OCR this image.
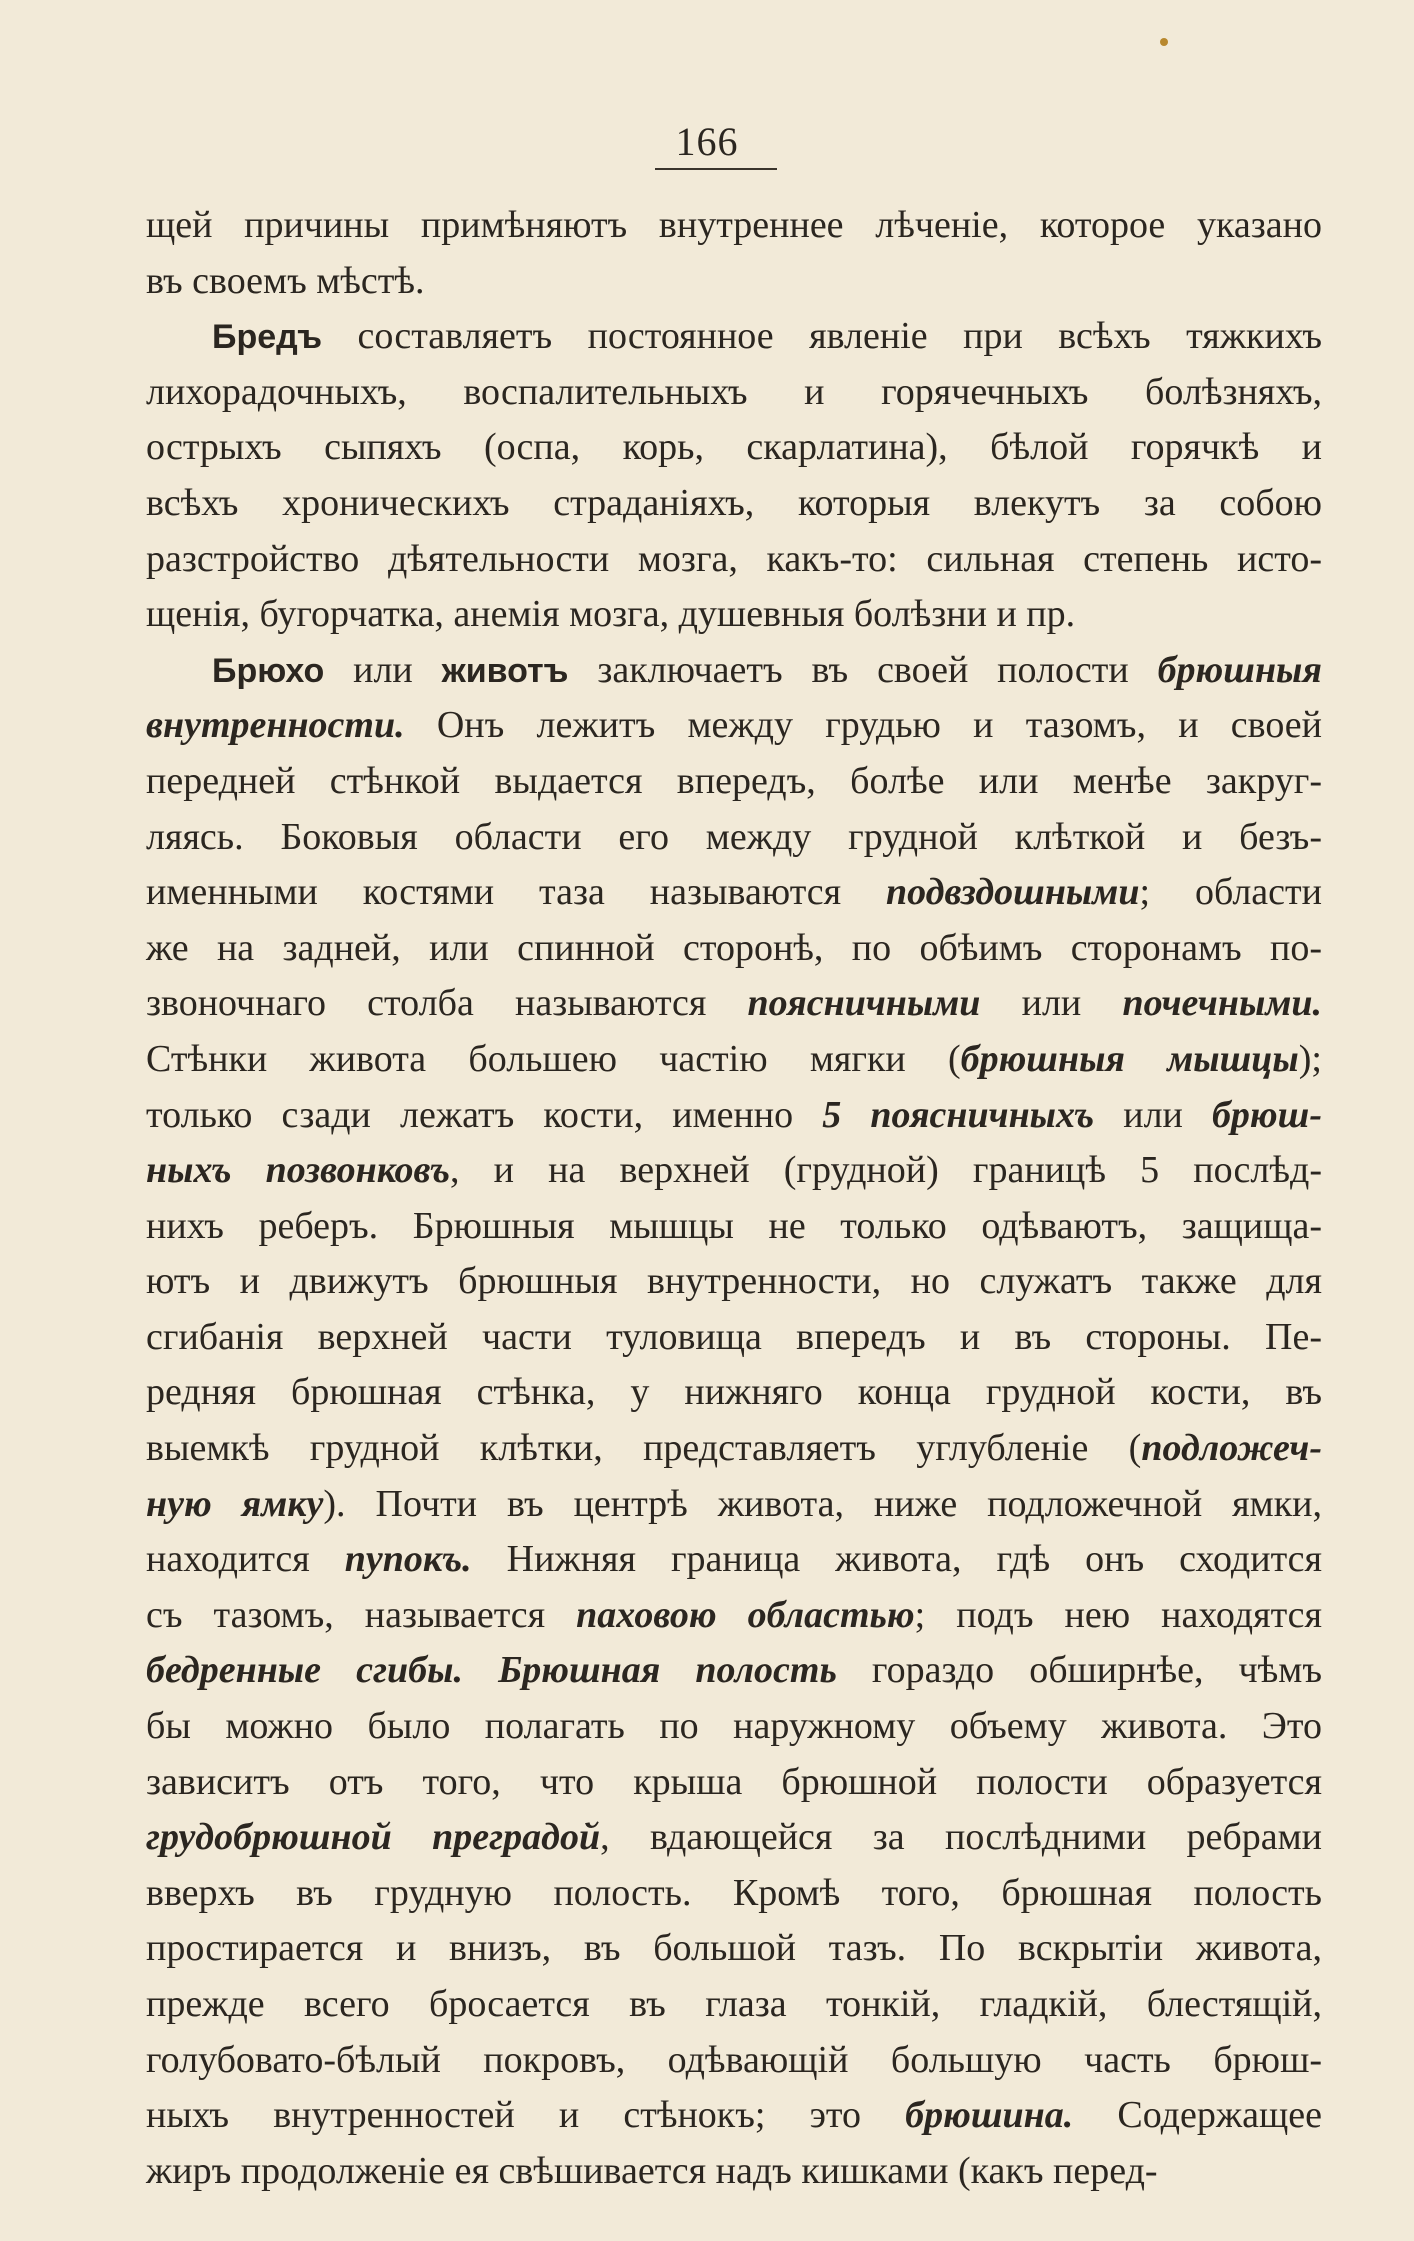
166
щей причины примѣняютъ внутреннее лѣченіе, которое указано
въ своемъ мѣстѣ.
Бредъ составляетъ постоянное явленіе при всѣхъ тяжкихъ
лихорадочныхъ, воспалительныхъ и горячечныхъ болѣзняхъ,
острыхъ сыпяхъ (оспа, корь, скарлатина), бѣлой горячкѣ и
всѣхъ хроническихъ страданіяхъ, которыя влекутъ за собою
разстройство дѣятельности мозга, какъ-то: сильная степень исто-
щенія, бугорчатка, анемія мозга, душевныя болѣзни и пр.
Брюхо или животъ заключаетъ въ своей полости брюшныя
внутренности. Онъ лежитъ между грудью и тазомъ, и своей
передней стѣнкой выдается впередъ, болѣе или менѣе закруг-
ляясь. Боковыя области его между грудной клѣткой и безъ-
именными костями таза называются подвздошными; области
же на задней, или спинной сторонѣ, по обѣимъ сторонамъ по-
звоночнаго столба называются поясничными или почечными.
Стѣнки живота большею частію мягки (брюшныя мышцы);
только сзади лежатъ кости, именно 5 поясничныхъ или брюш-
ныхъ позвонковъ, и на верхней (грудной) границѣ 5 послѣд-
нихъ реберъ. Брюшныя мышцы не только одѣваютъ, защища-
ютъ и движутъ брюшныя внутренности, но служатъ также для
сгибанія верхней части туловища впередъ и въ стороны. Пе-
редняя брюшная стѣнка, у нижняго конца грудной кости, въ
выемкѣ грудной клѣтки, представляетъ углубленіе (подложеч-
ную ямку). Почти въ центрѣ живота, ниже подложечной ямки,
находится пупокъ. Нижняя граница живота, гдѣ онъ сходится
съ тазомъ, называется паховою областью; подъ нею находятся
бедренные сгибы. Брюшная полость гораздо обширнѣе, чѣмъ
бы можно было полагать по наружному объему живота. Это
зависитъ отъ того, что крыша брюшной полости образуется
грудобрюшной преградой, вдающейся за послѣдними ребрами
вверхъ въ грудную полость. Кромѣ того, брюшная полость
простирается и внизъ, въ большой тазъ. По вскрытіи живота,
прежде всего бросается въ глаза тонкій, гладкій, блестящій,
голубовато-бѣлый покровъ, одѣвающій большую часть брюш-
ныхъ внутренностей и стѣнокъ; это брюшина. Содержащее
жиръ продолженіе ея свѣшивается надъ кишками (какъ перед-
